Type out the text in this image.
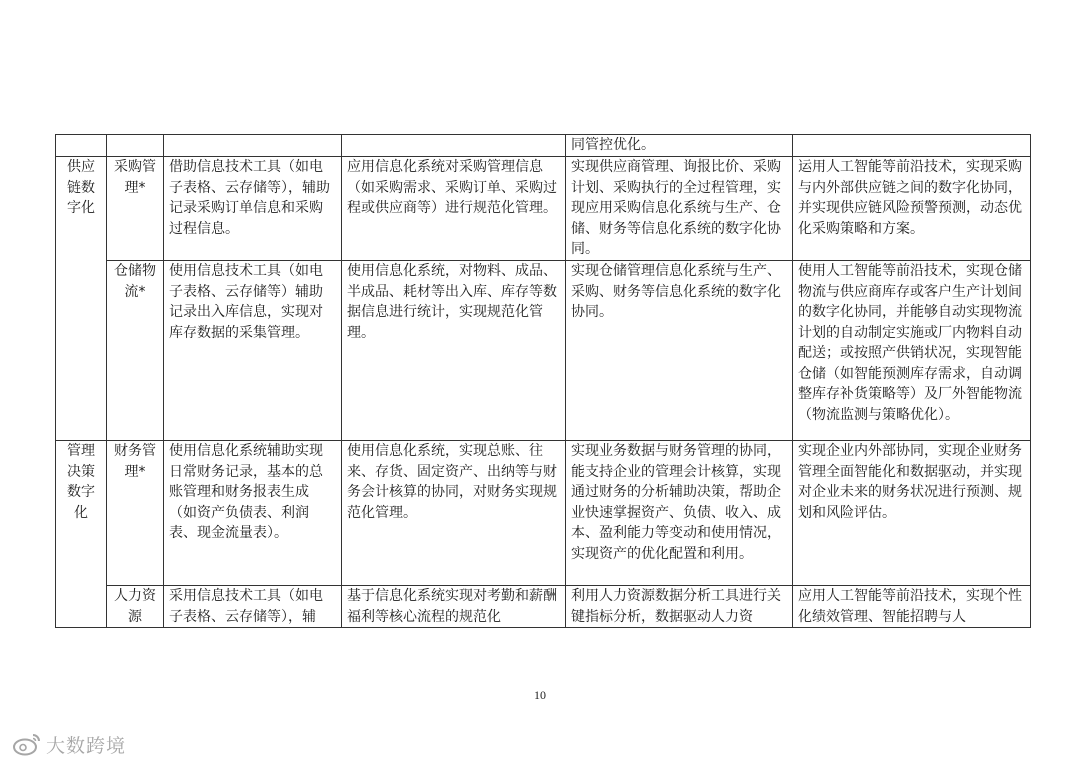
				同管控优化。	

供应链数字化	采购管理*	借助信息技术工具（如电子表格、云存储等），辅助记录采购订单信息和采购过程信息。	应用信息化系统对采购管理信息（如采购需求、采购订单、采购过程或供应商等）进行规范化管理。	实现供应商管理、询报比价、采购计划、采购执行的全过程管理，实现应用采购信息化系统与生产、仓储、财务等信息化系统的数字化协同。	运用人工智能等前沿技术，实现采购与内外部供应链之间的数字化协同，并实现供应链风险预警预测，动态优化采购策略和方案。
	仓储物流*	使用信息技术工具（如电子表格、云存储等）辅助记录出入库信息，实现对库存数据的采集管理。	使用信息化系统，对物料、成品、半成品、耗材等出入库、库存等数据信息进行统计，实现规范化管理。	实现仓储管理信息化系统与生产、采购、财务等信息化系统的数字化协同。	使用人工智能等前沿技术，实现仓储物流与供应商库存或客户生产计划间的数字化协同，并能够自动实现物流计划的自动制定实施或厂内物料自动配送；或按照产供销状况，实现智能仓储（如智能预测库存需求，自动调整库存补货策略等）及厂外智能物流（物流监测与策略优化）。
管理决策数字化	财务管理*	使用信息化系统辅助实现日常财务记录，基本的总账管理和财务报表生成（如资产负债表、利润表、现金流量表）。	使用信息化系统，实现总账、往来、存货、固定资产、出纳等与财务会计核算的协同，对财务实现规范化管理。	实现业务数据与财务管理的协同，能支持企业的管理会计核算，实现通过财务的分析辅助决策，帮助企业快速掌握资产、负债、收入、成本、盈利能力等变动和使用情况，实现资产的优化配置和利用。	实现企业内外部协同，实现企业财务管理全面智能化和数据驱动，并实现对企业未来的财务状况进行预测、规划和风险评估。
	人力资源	采用信息技术工具（如电子表格、云存储等），辅	基于信息化系统实现对考勤和薪酬福利等核心流程的规范化	利用人力资源数据分析工具进行关键指标分析，数据驱动人力资	应用人工智能等前沿技术，实现个性化绩效管理、智能招聘与人
10
大数跨境
